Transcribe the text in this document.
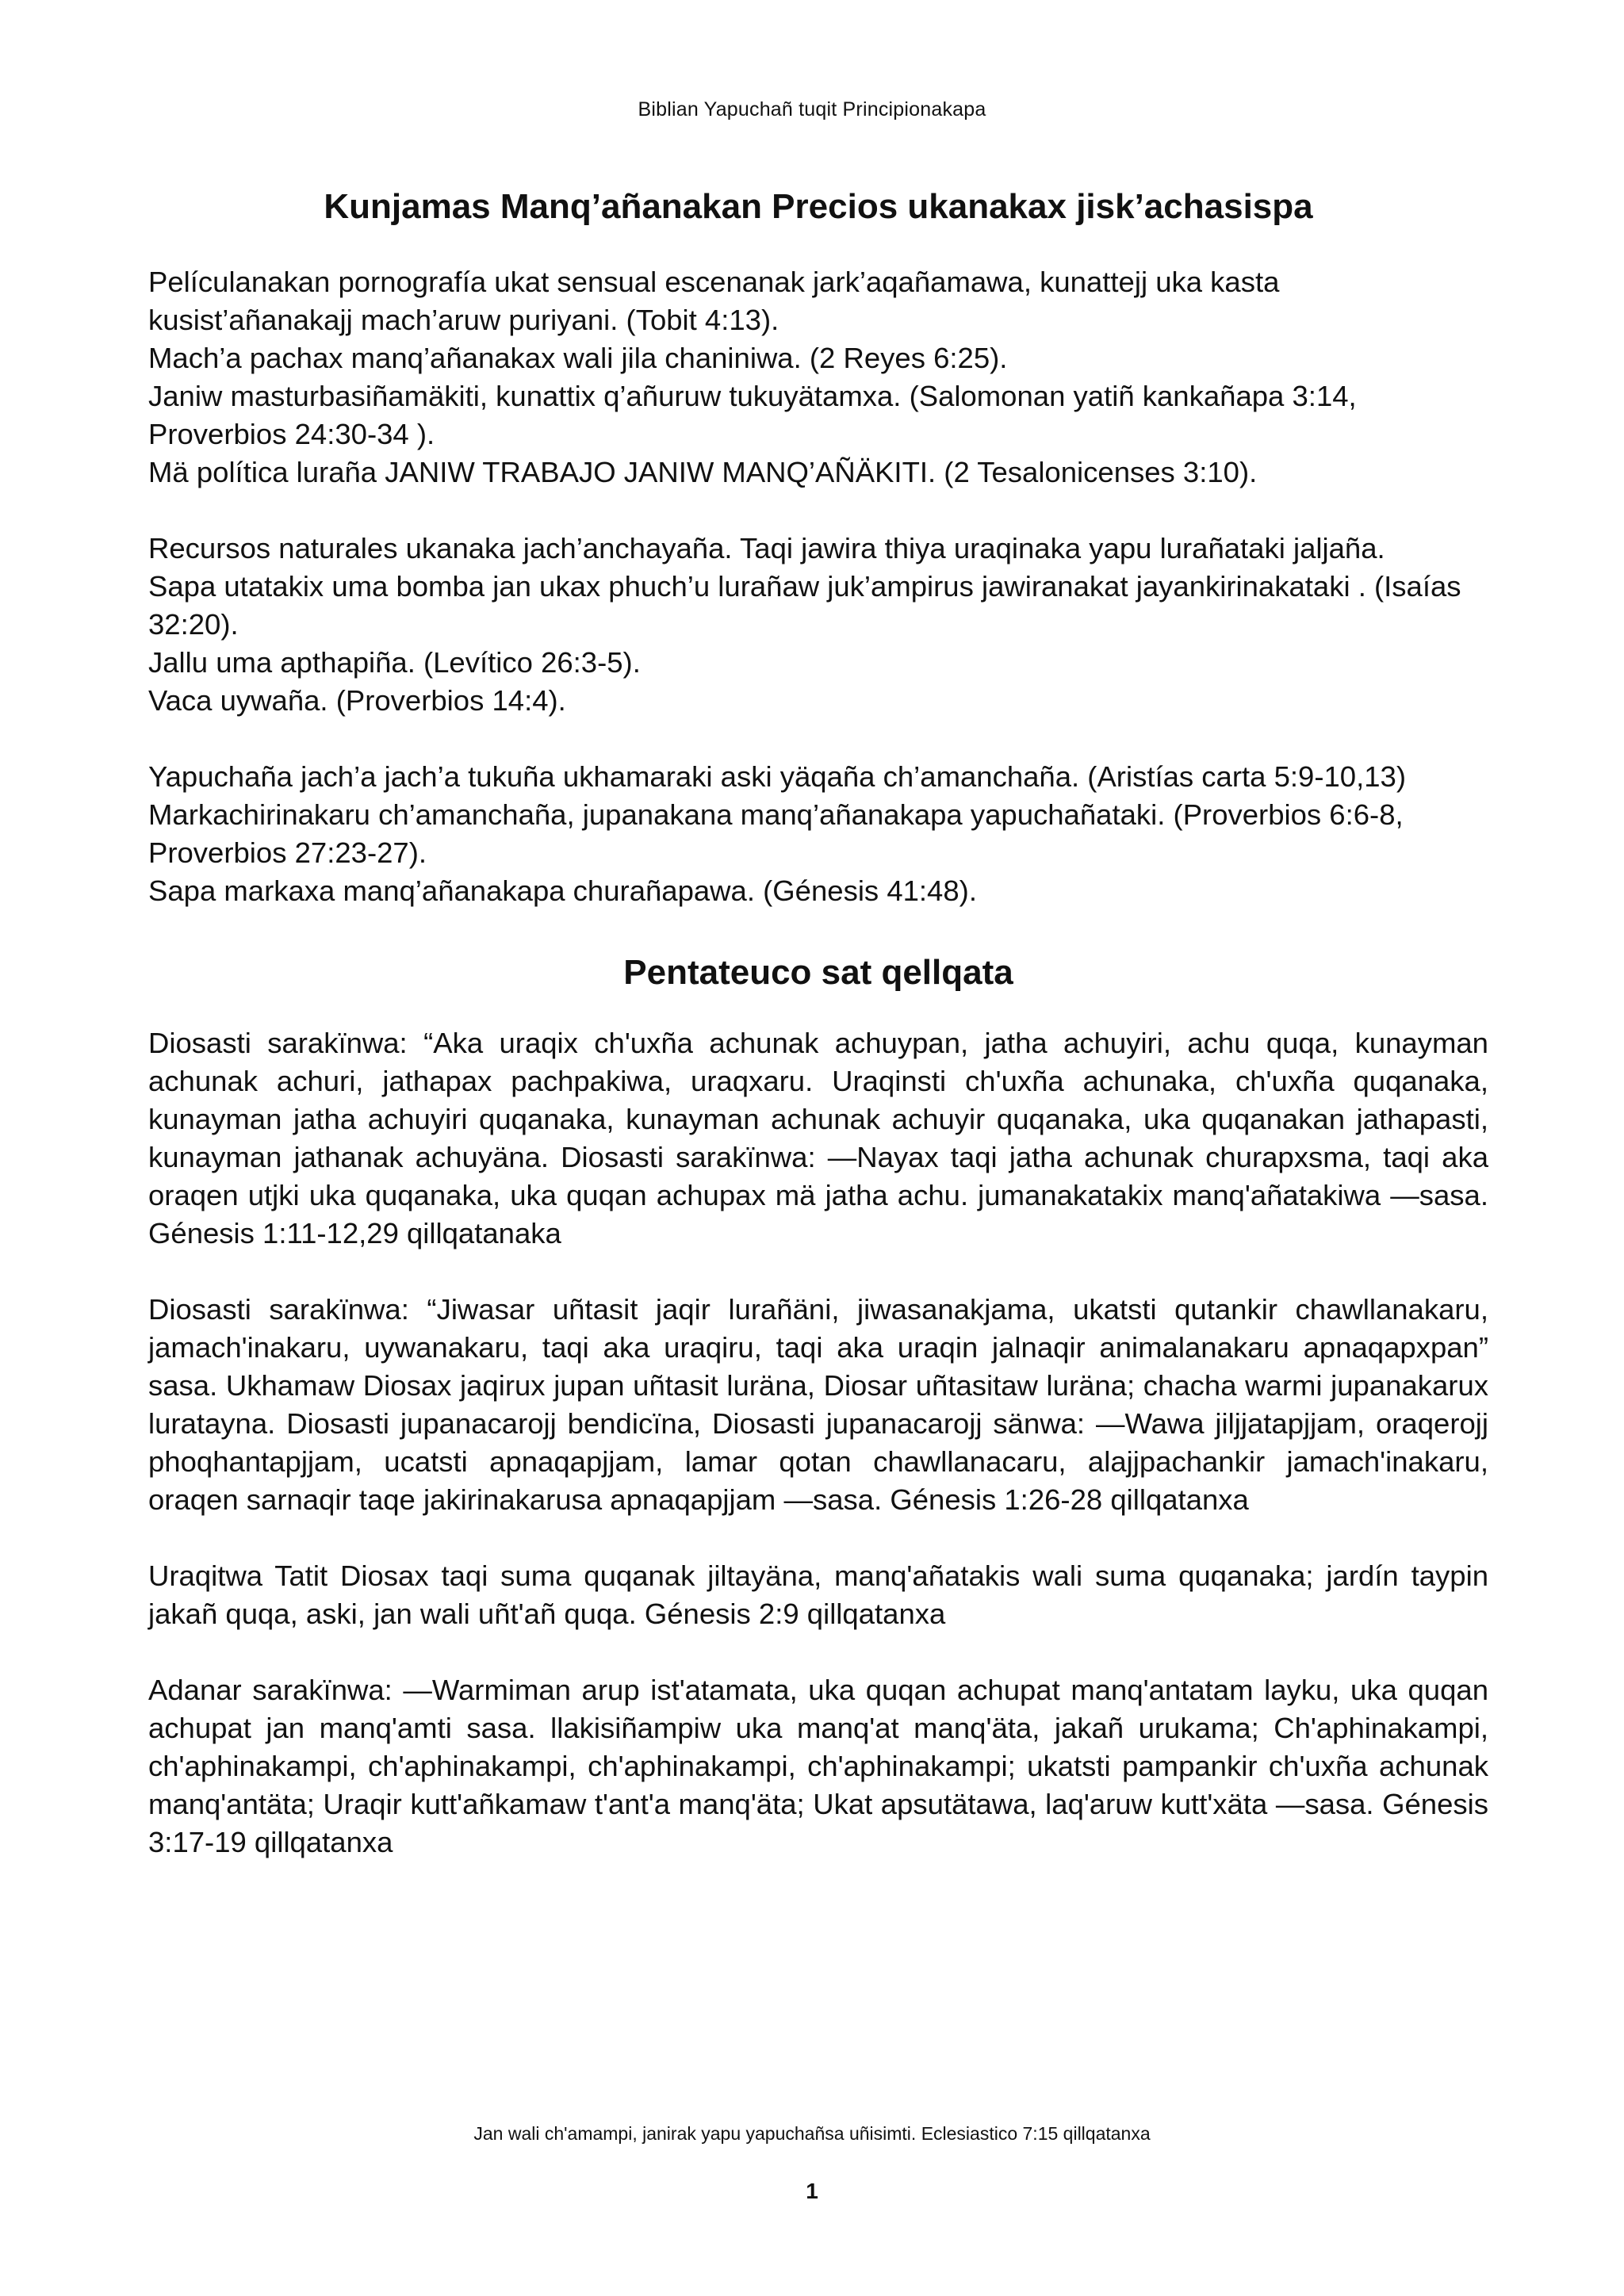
Biblian Yapuchañ tuqit Principionakapa
Kunjamas Manq’añanakan Precios ukanakax jisk’achasispa
Películanakan pornografía ukat sensual escenanak jark’aqañamawa, kunattejj uka kasta kusist’añanakajj mach’aruw puriyani. (Tobit 4:13).
Mach’a pachax manq’añanakax wali jila chaniniwa. (2 Reyes 6:25).
Janiw masturbasiñamäkiti, kunattix q’añuruw tukuyätamxa. (Salomonan yatiñ kankañapa 3:14, Proverbios 24:30-34 ).
Mä política luraña JANIW TRABAJO JANIW MANQ’AÑÄKITI. (2 Tesalonicenses 3:10).
Recursos naturales ukanaka jach’anchayaña. Taqi jawira thiya uraqinaka yapu lurañataki jaljaña.
Sapa utatakix uma bomba jan ukax phuch’u lurañaw juk’ampirus jawiranakat jayankirinakataki . (Isaías 32:20).
Jallu uma apthapiña. (Levítico 26:3-5).
Vaca uywaña. (Proverbios 14:4).
Yapuchaña jach’a jach’a tukuña ukhamaraki aski yäqaña ch’amanchaña. (Aristías carta 5:9-10,13)
Markachirinakaru ch’amanchaña, jupanakana manq’añanakapa yapuchañataki. (Proverbios 6:6-8, Proverbios 27:23-27).
Sapa markaxa manq’añanakapa churañapawa. (Génesis 41:48).
Pentateuco sat qellqata

Diosasti sarakïnwa: “Aka uraqix ch'uxña achunak achuypan, jatha achuyiri, achu quqa, kunayman achunak achuri, jathapax pachpakiwa, uraqxaru. Uraqinsti ch'uxña achunaka, ch'uxña quqanaka, kunayman jatha achuyiri quqanaka, kunayman achunak achuyir quqanaka, uka quqanakan jathapasti, kunayman jathanak achuyäna. Diosasti sarakïnwa: —Nayax taqi jatha achunak churapxsma, taqi aka oraqen utjki uka quqanaka, uka quqan achupax mä jatha achu. jumanakatakix manq'añatakiwa —sasa. Génesis 1:11-12,29 qillqatanaka

Diosasti sarakïnwa: “Jiwasar uñtasit jaqir lurañäni, jiwasanakjama, ukatsti qutankir chawllanakaru, jamach'inakaru, uywanakaru, taqi aka uraqiru, taqi aka uraqin jalnaqir animalanakaru apnaqapxpan” sasa. Ukhamaw Diosax jaqirux jupan uñtasit luräna, Diosar uñtasitaw luräna; chacha warmi jupanakarux luratayna. Diosasti jupanacarojj bendicïna, Diosasti jupanacarojj sänwa: —Wawa jiljjatapjjam, oraqerojj phoqhantapjjam, ucatsti apnaqapjjam, lamar qotan chawllanacaru, alajjpachankir jamach'inakaru, oraqen sarnaqir taqe jakirinakarusa apnaqapjjam —sasa. Génesis 1:26-28 qillqatanxa

Uraqitwa Tatit Diosax taqi suma quqanak jiltayäna, manq'añatakis wali suma quqanaka; jardín taypin jakañ quqa, aski, jan wali uñt'añ quqa. Génesis 2:9 qillqatanxa

Adanar sarakïnwa: —Warmiman arup ist'atamata, uka quqan achupat manq'antatam layku, uka quqan achupat jan manq'amti sasa. llakisiñampiw uka manq'at manq'äta, jakañ urukama; Ch'aphinakampi, ch'aphinakampi, ch'aphinakampi, ch'aphinakampi, ch'aphinakampi; ukatsti pampankir ch'uxña achunak manq'antäta; Uraqir kutt'añkamaw t'ant'a manq'äta; Ukat apsutätawa, laq'aruw kutt'xäta —sasa. Génesis 3:17-19 qillqatanxa

Jan wali ch'amampi, janirak yapu yapuchañsa uñisimti. Eclesiastico 7:15 qillqatanxa
1
